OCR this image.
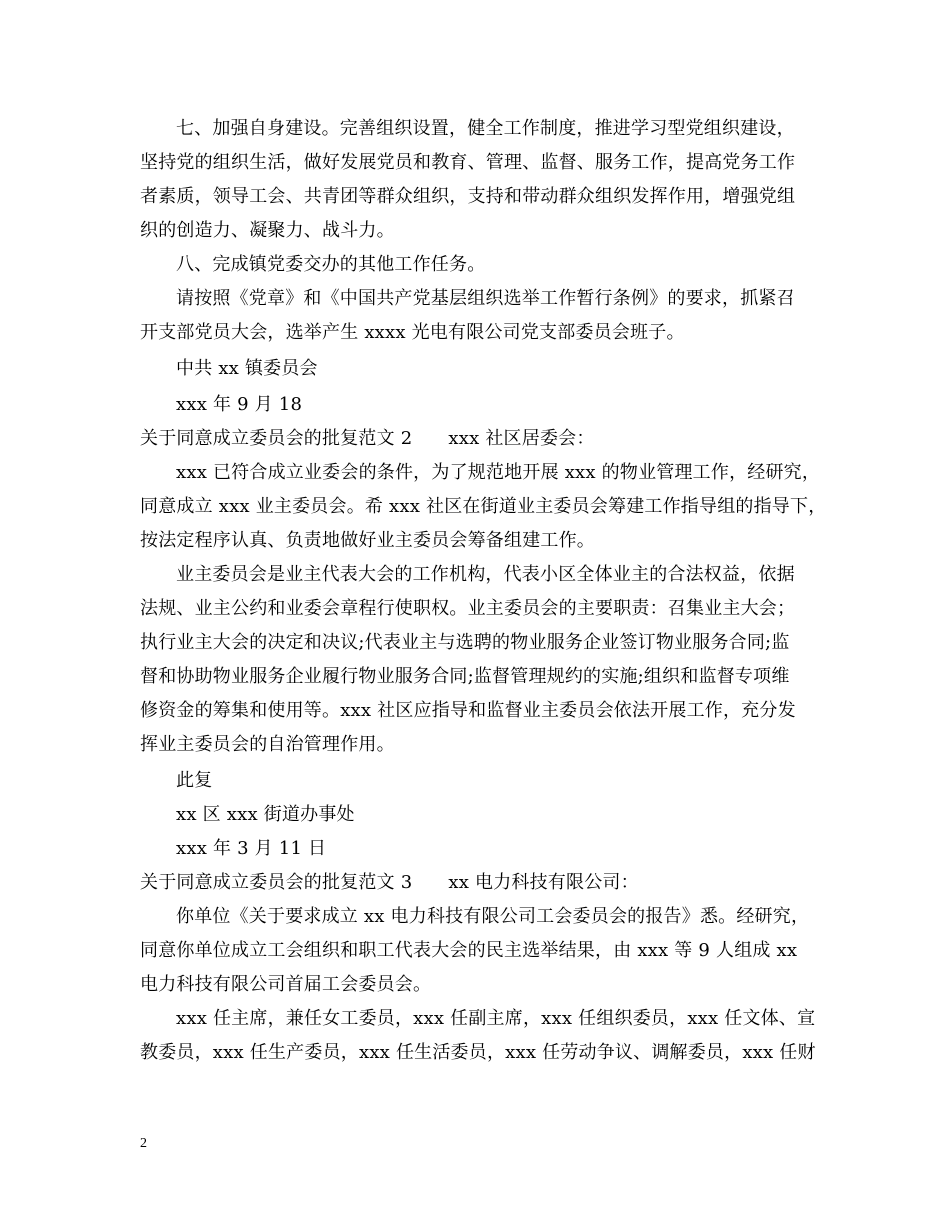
七、加强自身建设。完善组织设置，健全工作制度，推进学习型党组织建设，
坚持党的组织生活，做好发展党员和教育、管理、监督、服务工作，提高党务工作
者素质，领导工会、共青团等群众组织，支持和带动群众组织发挥作用，增强党组
织的创造力、凝聚力、战斗力。
八、完成镇党委交办的其他工作任务。
请按照《党章》和《中国共产党基层组织选举工作暂行条例》的要求，抓紧召
开支部党员大会，选举产生 xxxx 光电有限公司党支部委员会班子。
中共 xx 镇委员会
xxx 年 9 月 18
关于同意成立委员会的批复范文 2 xxx 社区居委会：
xxx 已符合成立业委会的条件，为了规范地开展 xxx 的物业管理工作，经研究，
同意成立 xxx 业主委员会。希 xxx 社区在街道业主委员会筹建工作指导组的指导下，
按法定程序认真、负责地做好业主委员会筹备组建工作。
业主委员会是业主代表大会的工作机构，代表小区全体业主的合法权益，依据
法规、业主公约和业委会章程行使职权。业主委员会的主要职责：召集业主大会；
执行业主大会的决定和决议;代表业主与选聘的物业服务企业签订物业服务合同;监
督和协助物业服务企业履行物业服务合同;监督管理规约的实施;组织和监督专项维
修资金的筹集和使用等。xxx 社区应指导和监督业主委员会依法开展工作，充分发
挥业主委员会的自治管理作用。
此复
xx 区 xxx 街道办事处
xxx 年 3 月 11 日
关于同意成立委员会的批复范文 3 xx 电力科技有限公司：
你单位《关于要求成立 xx 电力科技有限公司工会委员会的报告》悉。经研究，
同意你单位成立工会组织和职工代表大会的民主选举结果，由 xxx 等 9 人组成 xx
电力科技有限公司首届工会委员会。
xxx 任主席，兼任女工委员，xxx 任副主席，xxx 任组织委员，xxx 任文体、宣
教委员，xxx 任生产委员，xxx 任生活委员，xxx 任劳动争议、调解委员，xxx 任财
2
